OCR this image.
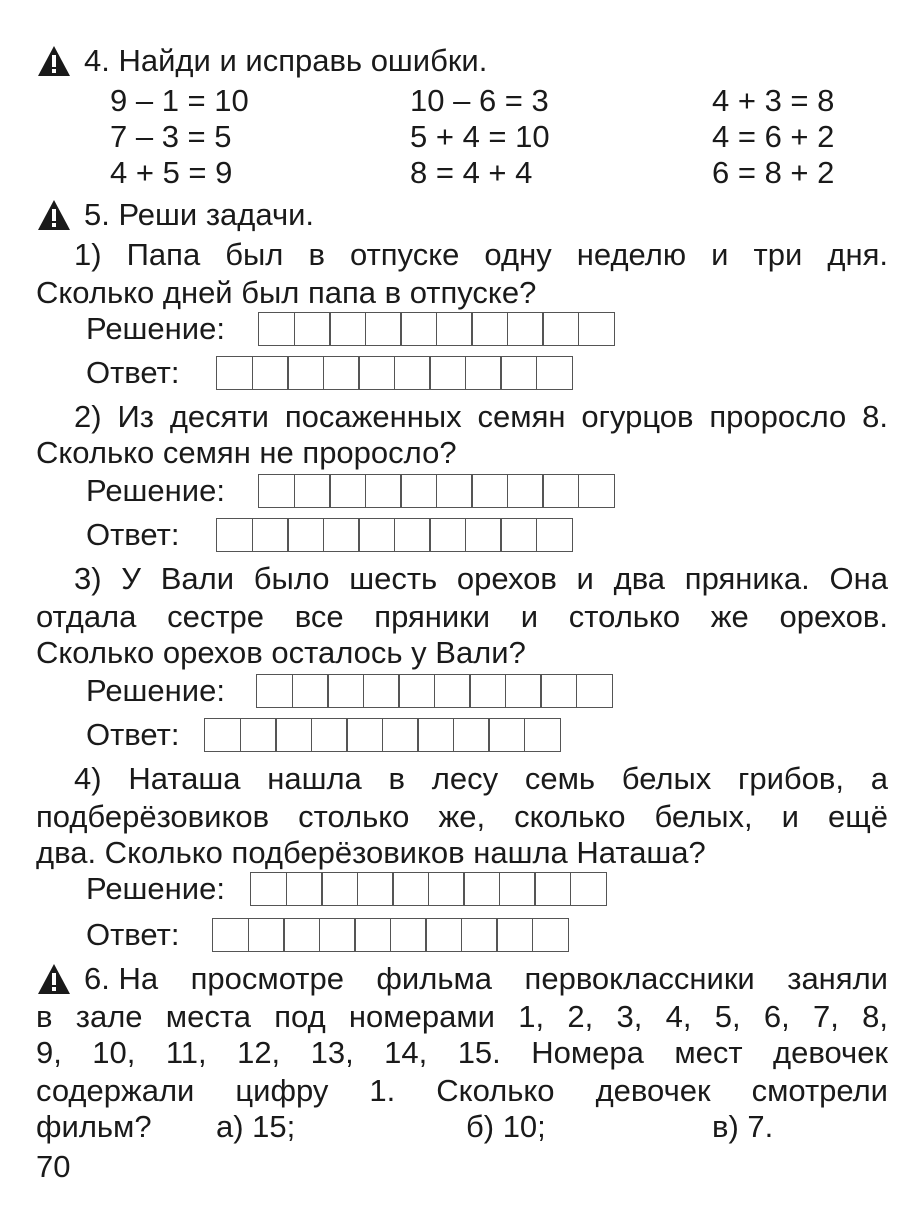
4.
Найди и исправь ошибки.
9 – 1 = 10
7 – 3 = 5
4 + 5 = 9
10 – 6 = 3
5 + 4 = 10
8 = 4 + 4
4 + 3 = 8
4 = 6 + 2
6 = 8 + 2
5.
Реши задачи.
1) Папа был в отпуске одну неделю и три дня.
Сколько дней был папа в отпуске?
Решение:
Ответ:
2) Из десяти посаженных семян огурцов проросло 8.
Сколько семян не проросло?
Решение:
Ответ:
3) У Вали было шесть орехов и два пряника. Она
отдала сестре все пряники и столько же орехов.
Сколько орехов осталось у Вали?
Решение:
Ответ:
4) Наташа нашла в лесу семь белых грибов, а
подберёзовиков столько же, сколько белых, и ещё
два. Сколько подберёзовиков нашла Наташа?
Решение:
Ответ:
6.
На просмотре фильма первоклассники заняли
в зале места под номерами 1, 2, 3, 4, 5, 6, 7, 8,
9, 10, 11, 12, 13, 14, 15. Номера мест девочек
содержали цифру 1. Сколько девочек смотрели
фильм? а) 15;	б) 10;	в) 7.
70
